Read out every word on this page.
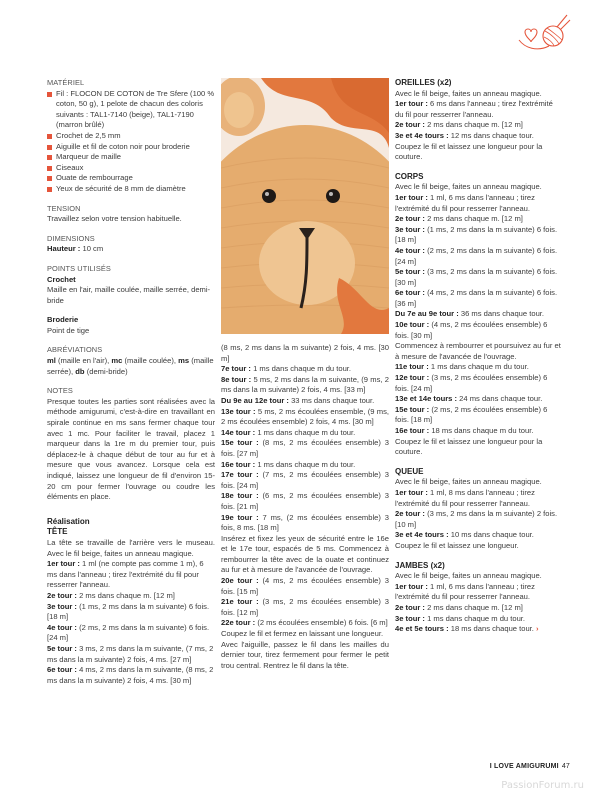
MATÉRIEL
Fil : FLOCON DE COTON de Tre Sfere (100 % coton, 50 g), 1 pelote de chacun des coloris suivants : TAL1-7140 (beige), TAL1-7190 (marron brûlé)
Crochet de 2,5 mm
Aiguille et fil de coton noir pour broderie
Marqueur de maille
Ciseaux
Ouate de rembourrage
Yeux de sécurité de 8 mm de diamètre
TENSION
Travaillez selon votre tension habituelle.
DIMENSIONS
Hauteur : 10 cm
POINTS UTILISÉS
Crochet
Maille en l'air, maille coulée, maille serrée, demi-bride
Broderie
Point de tige
ABRÉVIATIONS
ml (maille en l'air), mc (maille coulée), ms (maille serrée), db (demi-bride)
NOTES
Presque toutes les parties sont réalisées avec la méthode amigurumi, c'est-à-dire en travaillant en spirale continue en ms sans fermer chaque tour avec 1 mc. Pour faciliter le travail, placez 1 marqueur dans la 1re m du premier tour, puis déplacez-le à chaque début de tour au fur et à mesure que vous avancez. Lorsque cela est indiqué, laissez une longueur de fil d'environ 15-20 cm pour fermer l'ouvrage ou coudre les éléments en place.
Réalisation
TÊTE
La tête se travaille de l'arrière vers le museau. Avec le fil beige, faites un anneau magique.
1er tour : 1 ml (ne compte pas comme 1 m), 6 ms dans l'anneau ; tirez l'extrémité du fil pour resserrer l'anneau.
2e tour : 2 ms dans chaque m. [12 m]
3e tour : (1 ms, 2 ms dans la m suivante) 6 fois. [18 m]
4e tour : (2 ms, 2 ms dans la m suivante) 6 fois. [24 m]
5e tour : 3 ms, 2 ms dans la m suivante, (7 ms, 2 ms dans la m suivante) 2 fois, 4 ms. [27 m]
6e tour : 4 ms, 2 ms dans la m suivante, (8 ms, 2 ms dans la m suivante) 2 fois, 4 ms. [30 m]
(8 ms, 2 ms dans la m suivante) 2 fois, 4 ms. [30 m]
7e tour : 1 ms dans chaque m du tour.
8e tour : 5 ms, 2 ms dans la m suivante, (9 ms, 2 ms dans la m suivante) 2 fois, 4 ms. [33 m]
Du 9e au 12e tour : 33 ms dans chaque tour.
13e tour : 5 ms, 2 ms écoulées ensemble, (9 ms, 2 ms écoulées ensemble) 2 fois, 4 ms. [30 m]
14e tour : 1 ms dans chaque m du tour.
15e tour : (8 ms, 2 ms écoulées ensemble) 3 fois. [27 m]
16e tour : 1 ms dans chaque m du tour.
17e tour : (7 ms, 2 ms écoulées ensemble) 3 fois. [24 m]
18e tour : (6 ms, 2 ms écoulées ensemble) 3 fois. [21 m]
19e tour : 7 ms, (2 ms écoulées ensemble) 3 fois, 8 ms. [18 m]
Insérez et fixez les yeux de sécurité entre le 16e et le 17e tour, espacés de 5 ms. Commencez à rembourrer la tête avec de la ouate et continuez au fur et à mesure de l'avancée de l'ouvrage.
20e tour : (4 ms, 2 ms écoulées ensemble) 3 fois. [15 m]
21e tour : (3 ms, 2 ms écoulées ensemble) 3 fois. [12 m]
22e tour : (2 ms écoulées ensemble) 6 fois. [6 m]
Coupez le fil et fermez en laissant une longueur.
Avec l'aiguille, passez le fil dans les mailles du dernier tour, tirez fermement pour fermer le petit trou central. Rentrez le fil dans la tête.
OREILLES (x2)
Avec le fil beige, faites un anneau magique.
1er tour : 6 ms dans l'anneau ; tirez l'extrémité du fil pour resserrer l'anneau.
2e tour : 2 ms dans chaque m. [12 m]
3e et 4e tours : 12 ms dans chaque tour.
Coupez le fil et laissez une longueur pour la couture.
CORPS
Avec le fil beige, faites un anneau magique.
1er tour : 1 ml, 6 ms dans l'anneau ; tirez l'extrémité du fil pour resserrer l'anneau.
2e tour : 2 ms dans chaque m. [12 m]
3e tour : (1 ms, 2 ms dans la m suivante) 6 fois. [18 m]
4e tour : (2 ms, 2 ms dans la m suivante) 6 fois. [24 m]
5e tour : (3 ms, 2 ms dans la m suivante) 6 fois. [30 m]
6e tour : (4 ms, 2 ms dans la m suivante) 6 fois. [36 m]
Du 7e au 9e tour : 36 ms dans chaque tour.
10e tour : (4 ms, 2 ms écoulées ensemble) 6 fois. [30 m]
Commencez à rembourrer et poursuivez au fur et à mesure de l'avancée de l'ouvrage.
11e tour : 1 ms dans chaque m du tour.
12e tour : (3 ms, 2 ms écoulées ensemble) 6 fois. [24 m]
13e et 14e tours : 24 ms dans chaque tour.
15e tour : (2 ms, 2 ms écoulées ensemble) 6 fois. [18 m]
16e tour : 18 ms dans chaque m du tour.
Coupez le fil et laissez une longueur pour la couture.
QUEUE
Avec le fil beige, faites un anneau magique.
1er tour : 1 ml, 8 ms dans l'anneau ; tirez l'extrémité du fil pour resserrer l'anneau.
2e tour : (3 ms, 2 ms dans la m suivante) 2 fois. [10 m]
3e et 4e tours : 10 ms dans chaque tour.
Coupez le fil et laissez une longueur.
JAMBES (x2)
Avec le fil beige, faites un anneau magique.
1er tour : 1 ml, 6 ms dans l'anneau ; tirez l'extrémité du fil pour resserrer l'anneau.
2e tour : 2 ms dans chaque m. [12 m]
3e tour : 1 ms dans chaque m du tour.
4e et 5e tours : 18 ms dans chaque tour. ›
I LOVE AMIGURUMI 47
PassionForum.ru
